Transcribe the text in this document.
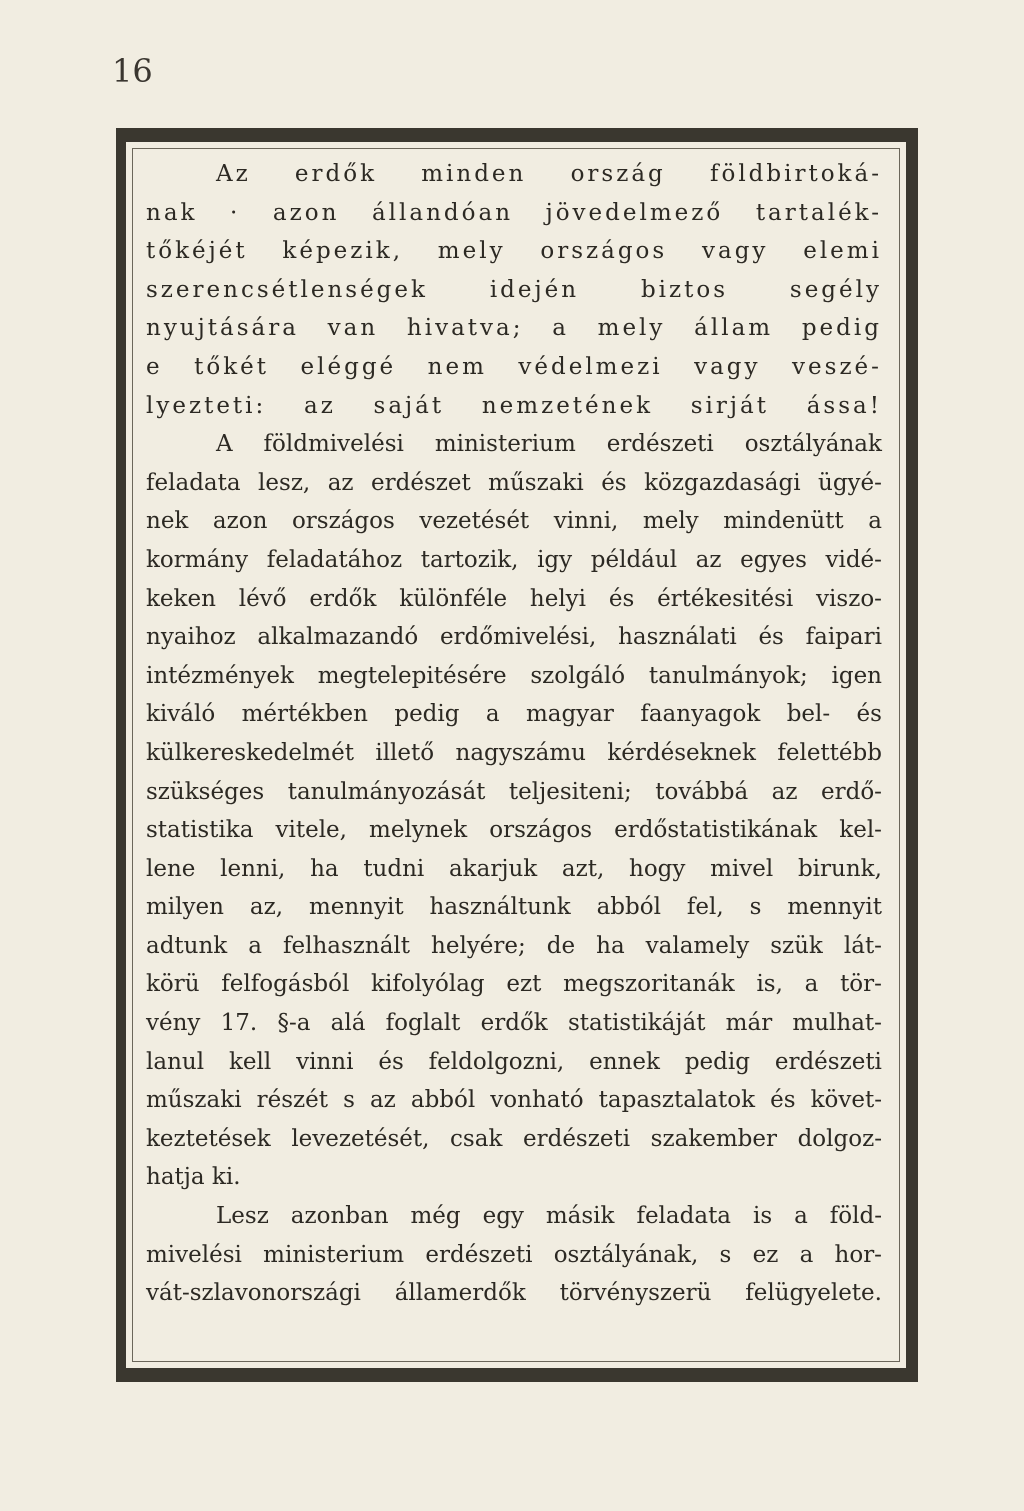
16
Az erdők minden ország földbirtoká-
nak · azon állandóan jövedelmező tartalék-
tőkéjét képezik, mely országos vagy elemi
szerencsétlenségek	idején	biztos	segély
nyujtására van hivatva; a mely állam pedig
e tőkét eléggé nem védelmezi vagy veszé-
lyezteti: az saját nemzetének sirját ássa!
A földmivelési ministerium erdészeti osztályának
feladata lesz, az erdészet műszaki és közgazdasági ügyé-
nek azon országos vezetését vinni, mely mindenütt a
kormány feladatához tartozik, igy például az egyes vidé-
keken lévő erdők különféle helyi és értékesitési viszo-
nyaihoz alkalmazandó erdőmivelési, használati és faipari
intézmények megtelepitésére szolgáló tanulmányok; igen
kiváló mértékben pedig a magyar faanyagok bel- és
külkereskedelmét illető nagyszámu kérdéseknek felettébb
szükséges tanulmányozását teljesiteni; továbbá az erdő-
statistika vitele, melynek országos erdőstatistikának kel-
lene lenni, ha tudni akarjuk azt, hogy mivel birunk,
milyen az, mennyit használtunk abból fel, s mennyit
adtunk a felhasznált helyére; de ha valamely szük lát-
körü felfogásból kifolyólag ezt megszoritanák is, a tör-
vény 17. §-a alá foglalt erdők statistikáját már mulhat-
lanul kell vinni és feldolgozni, ennek pedig erdészeti
műszaki részét s az abból vonható tapasztalatok és követ-
keztetések levezetését, csak erdészeti szakember dolgoz-
hatja ki.
Lesz azonban még egy másik feladata is a föld-
mivelési ministerium erdészeti osztályának, s ez a hor-
vát-szlavonországi államerdők törvényszerü felügyelete.
